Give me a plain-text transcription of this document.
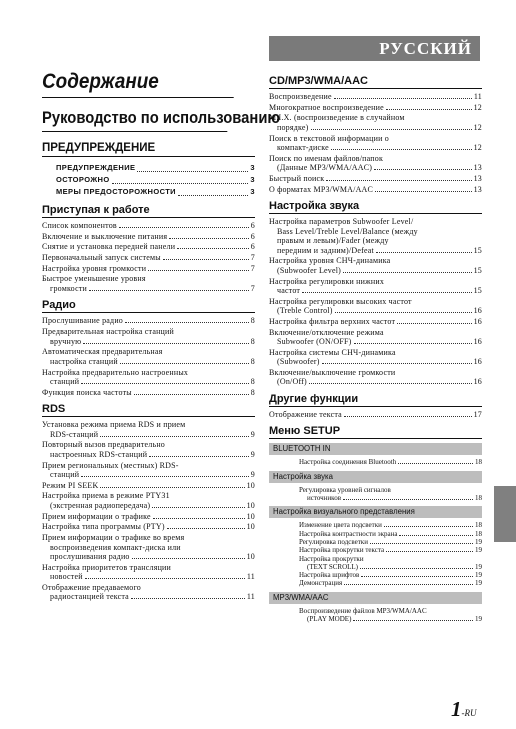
РУССКИЙ
Содержание
Руководство по использованию
ПРЕДУПРЕЖДЕНИЕ
ПРЕДУПРЕЖДЕНИЕ	3
ОСТОРОЖНО	3
МЕРЫ ПРЕДОСТОРОЖНОСТИ	3
Приступая к работе
Список компонентов	6
Включение и выключение питания	6
Снятие и установка передней панели	6
Первоначальный запуск системы	7
Настройка уровня громкости	7
Быстрое уменьшение уровня
громкости	7
Радио
Прослушивание радио	8
Предварительная настройка станций
вручную	8
Автоматическая предварительная
настройка станций	8
Настройка предварительно настроенных
станций	8
Функция поиска частоты	8
RDS
Установка режима приема RDS и прием
RDS-станций	9
Повторный вызов предварительно
настроенных RDS-станций	9
Прием региональных (местных) RDS-
станций	9
Режим PI SEEK	10
Настройка приема в режиме PTY31
(экстренная радиопередача)	10
Прием информации о трафике	10
Настройка типа программы (PTY)	10
Прием информации о трафике во время
воспроизведения компакт-диска или
прослушивания радио	10
Настройка приоритетов трансляции
новостей	11
Отображение предаваемого
радиостанцией текста	11
CD/MP3/WMA/AAC
Воспроизведение	11
Многократное воспроизведение	12
M.I.X. (воспроизведение в случайном
порядке)	12
Поиск в текстовой информации о
компакт-диске	12
Поиск по именам файлов/папок
(Данные MP3/WMA/AAC)	13
Быстрый поиск	13
О форматах MP3/WMA/AAC	13
Настройка звука
Настройка параметров Subwoofer Level/
Bass Level/Treble Level/Balance (между
правым и левым)/Fader (между
передним и задним)/Defeat	15
Настройка уровня СНЧ-динамика
(Subwoofer Level)	15
Настройка регулировки нижних
частот	15
Настройка регулировки высоких частот
(Treble Control)	16
Настройка фильтра верхних частот	16
Включение/отключение режима
Subwoofer (ON/OFF)	16
Настройка системы СНЧ-динамика
(Subwoofer)	16
Включение/выключение громкости
(On/Off)	16
Другие функции
Отображение текста	17
Меню SETUP
BLUETOOTH IN
Настройка соединения Bluetooth	18
Настройка звука
Регулировка уровней сигналов
источников	18
Настройка визуального представления
Изменение цвета подсветки	18
Настройка контрастности экрана	18
Регулировка подсветки	19
Настройка прокрутки текста	19
Настройка прокрутки
(TEXT SCROLL)	19
Настройка шрифтов	19
Демонстрация	19
MP3/WMA/AAC
Воспроизведение файлов MP3/WMA/AAC
(PLAY MODE)	19
1-RU
